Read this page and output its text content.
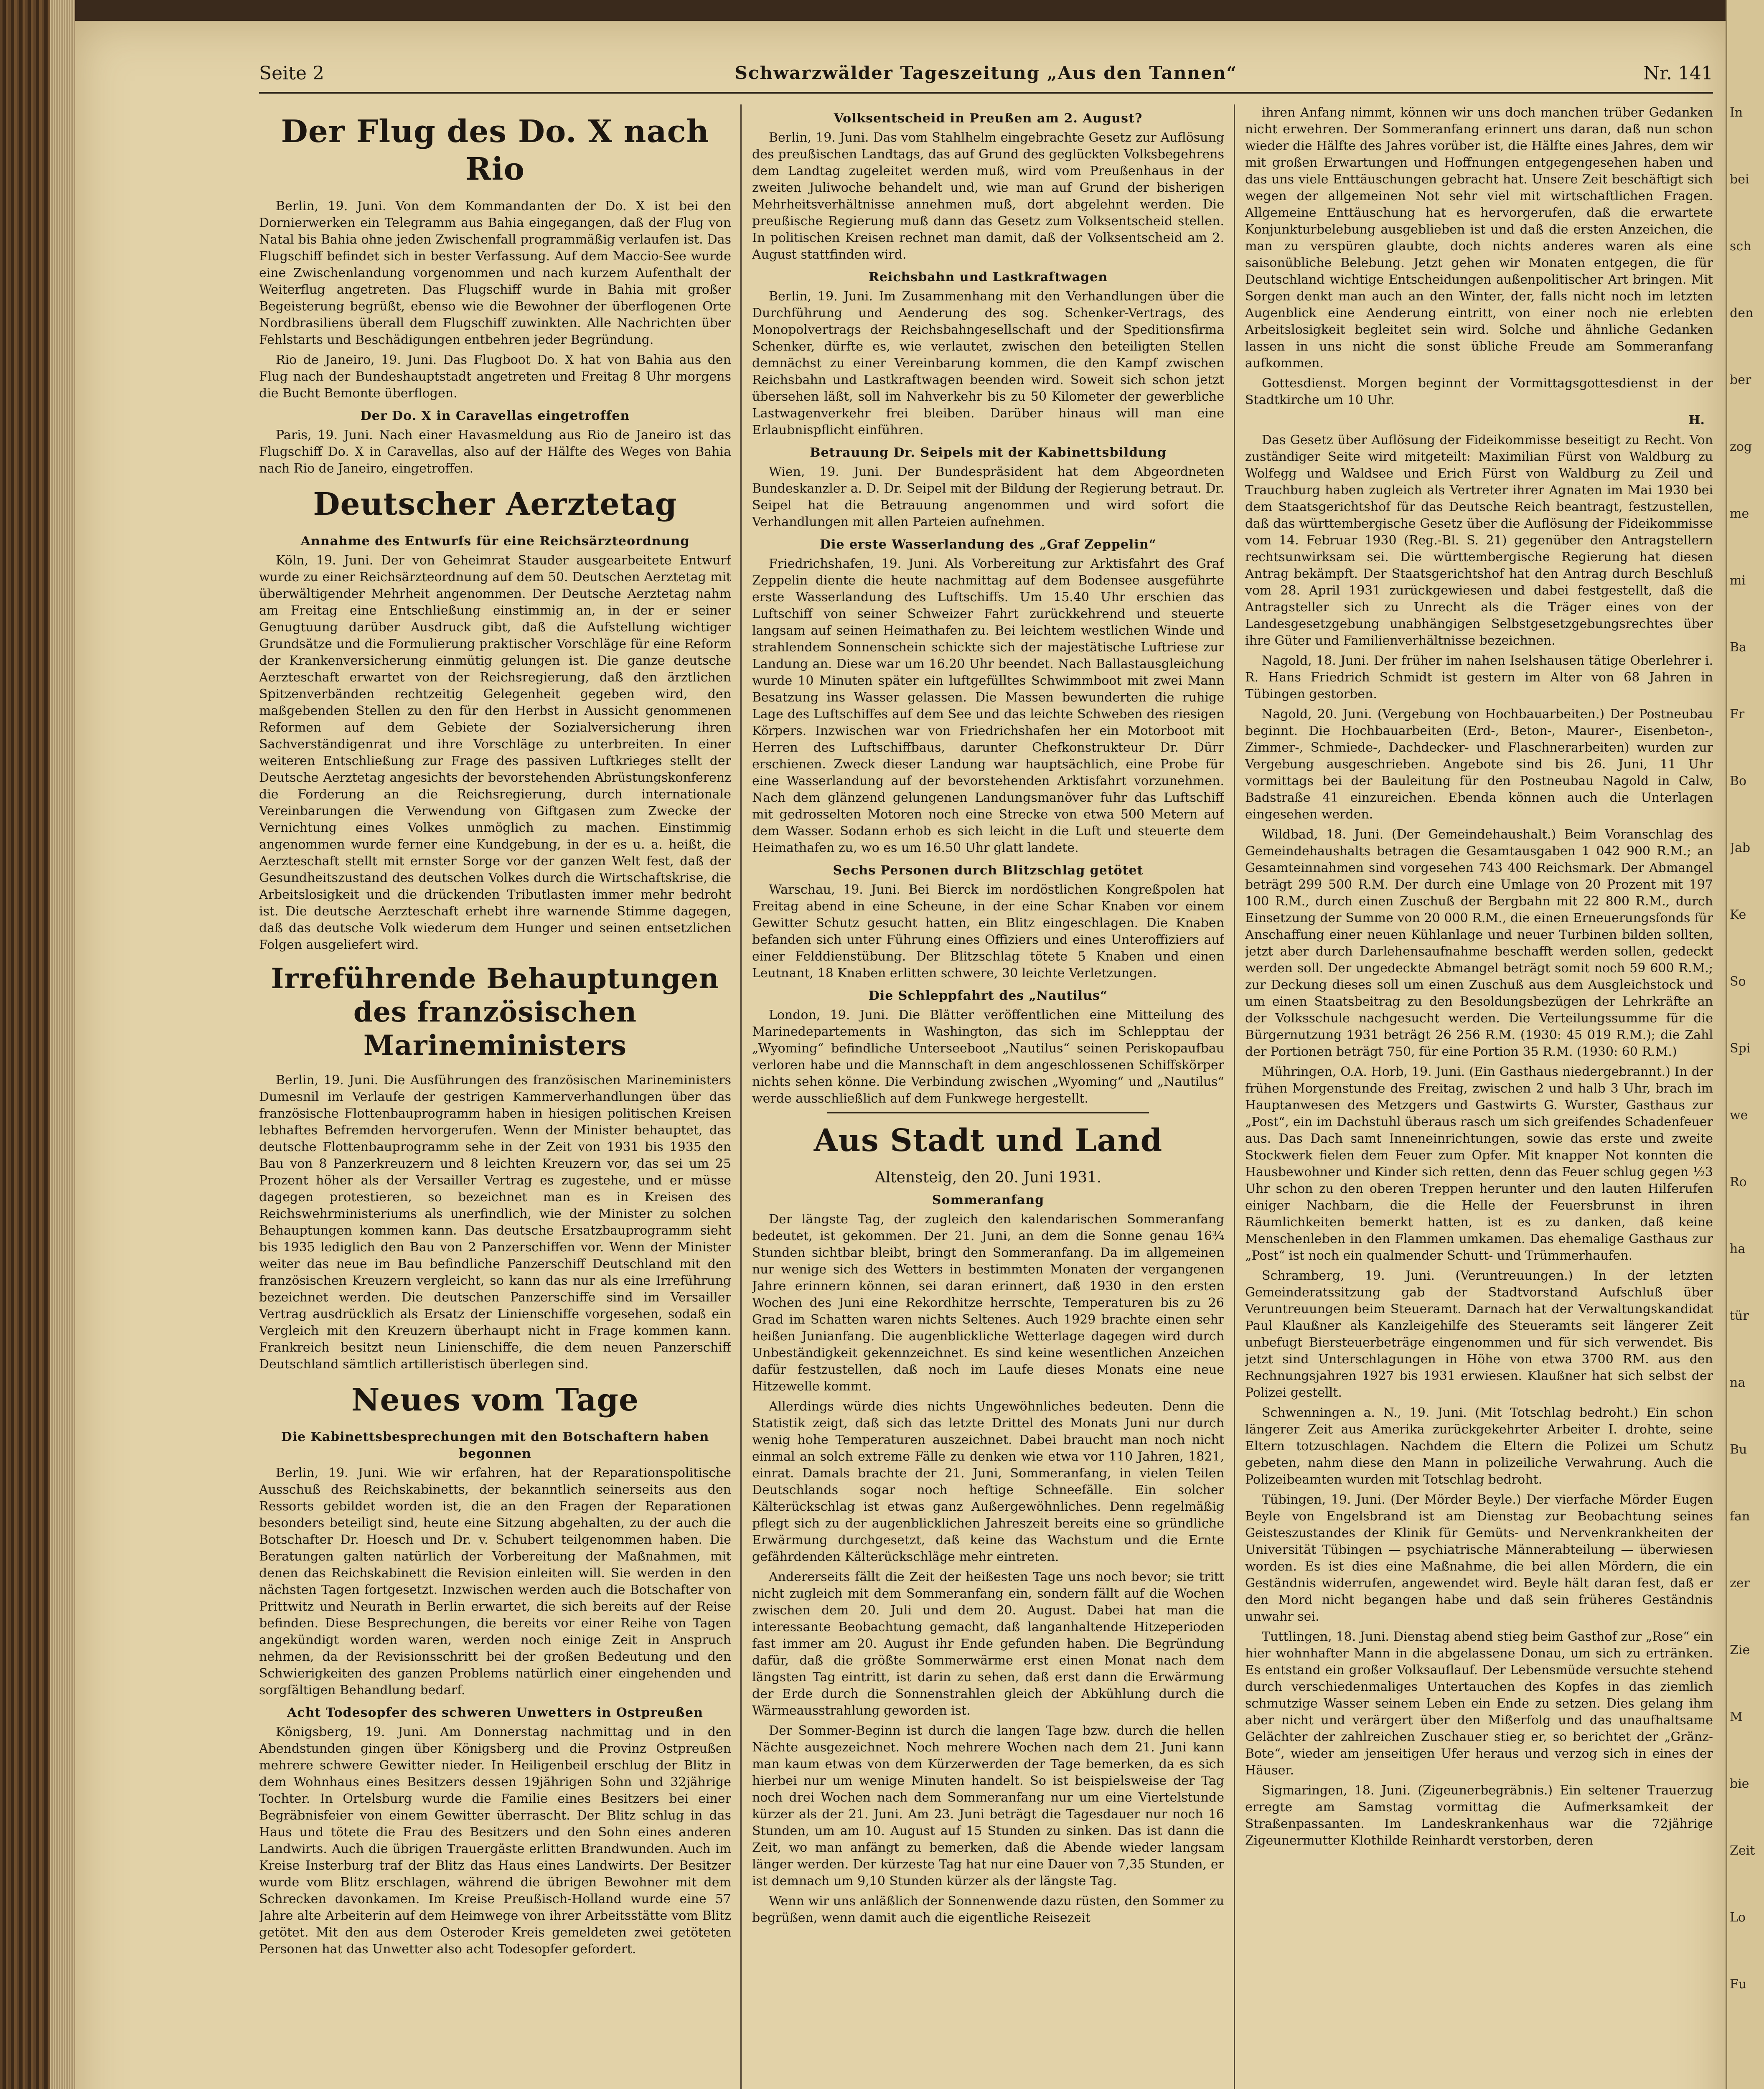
Seite 2	Schwarzwälder Tageszeitung „Aus den Tannen“	Nr. 141
Der Flug des Do. X nach Rio

Berlin, 19. Juni. Von dem Kommandanten der Do. X ist bei den Dornierwerken ein Telegramm aus Bahia eingegangen, daß der Flug von Natal bis Bahia ohne jeden Zwischenfall programmäßig verlaufen ist. Das Flugschiff befindet sich in bester Verfassung. Auf dem Maccio-See wurde eine Zwischenlandung vorgenommen und nach kurzem Aufenthalt der Weiterflug angetreten. Das Flugschiff wurde in Bahia mit großer Begeisterung begrüßt, ebenso wie die Bewohner der überflogenen Orte Nordbrasiliens überall dem Flugschiff zuwinkten. Alle Nachrichten über Fehlstarts und Beschädigungen entbehren jeder Begründung.

Rio de Janeiro, 19. Juni. Das Flugboot Do. X hat von Bahia aus den Flug nach der Bundeshauptstadt angetreten und Freitag 8 Uhr morgens die Bucht Bemonte überflogen.

Der Do. X in Caravellas eingetroffen

Paris, 19. Juni. Nach einer Havasmeldung aus Rio de Janeiro ist das Flugschiff Do. X in Caravellas, also auf der Hälfte des Weges von Bahia nach Rio de Janeiro, eingetroffen.

Deutscher Aerztetag
Annahme des Entwurfs für eine Reichsärzteordnung

Köln, 19. Juni. Der von Geheimrat Stauder ausgearbeitete Entwurf wurde zu einer Reichsärzteordnung auf dem 50. Deutschen Aerztetag mit überwältigender Mehrheit angenommen. Der Deutsche Aerztetag nahm am Freitag eine Entschließung einstimmig an, in der er seiner Genugtuung darüber Ausdruck gibt, daß die Aufstellung wichtiger Grundsätze und die Formulierung praktischer Vorschläge für eine Reform der Krankenversicherung einmütig gelungen ist. Die ganze deutsche Aerzteschaft erwartet von der Reichsregierung, daß den ärztlichen Spitzenverbänden rechtzeitig Gelegenheit gegeben wird, den maßgebenden Stellen zu den für den Herbst in Aussicht genommenen Reformen auf dem Gebiete der Sozialversicherung ihren Sachverständigenrat und ihre Vorschläge zu unterbreiten. In einer weiteren Entschließung zur Frage des passiven Luftkrieges stellt der Deutsche Aerztetag angesichts der bevorstehenden Abrüstungskonferenz die Forderung an die Reichsregierung, durch internationale Vereinbarungen die Verwendung von Giftgasen zum Zwecke der Vernichtung eines Volkes unmöglich zu machen. Einstimmig angenommen wurde ferner eine Kundgebung, in der es u. a. heißt, die Aerzteschaft stellt mit ernster Sorge vor der ganzen Welt fest, daß der Gesundheitszustand des deutschen Volkes durch die Wirtschaftskrise, die Arbeitslosigkeit und die drückenden Tributlasten immer mehr bedroht ist. Die deutsche Aerzteschaft erhebt ihre warnende Stimme dagegen, daß das deutsche Volk wiederum dem Hunger und seinen entsetzlichen Folgen ausgeliefert wird.

Irreführende Behauptungen des französischen Marineministers

Berlin, 19. Juni. Die Ausführungen des französischen Marineministers Dumesnil im Verlaufe der gestrigen Kammerverhandlungen über das französische Flottenbauprogramm haben in hiesigen politischen Kreisen lebhaftes Befremden hervorgerufen. Wenn der Minister behauptet, das deutsche Flottenbauprogramm sehe in der Zeit von 1931 bis 1935 den Bau von 8 Panzerkreuzern und 8 leichten Kreuzern vor, das sei um 25 Prozent höher als der Versailler Vertrag es zugestehe, und er müsse dagegen protestieren, so bezeichnet man es in Kreisen des Reichswehrministeriums als unerfindlich, wie der Minister zu solchen Behauptungen kommen kann. Das deutsche Ersatzbauprogramm sieht bis 1935 lediglich den Bau von 2 Panzerschiffen vor. Wenn der Minister weiter das neue im Bau befindliche Panzerschiff Deutschland mit den französischen Kreuzern vergleicht, so kann das nur als eine Irreführung bezeichnet werden. Die deutschen Panzerschiffe sind im Versailler Vertrag ausdrücklich als Ersatz der Linienschiffe vorgesehen, sodaß ein Vergleich mit den Kreuzern überhaupt nicht in Frage kommen kann. Frankreich besitzt neun Linienschiffe, die dem neuen Panzerschiff Deutschland sämtlich artilleristisch überlegen sind.

Neues vom Tage
Die Kabinettsbesprechungen mit den Botschaftern haben begonnen

Berlin, 19. Juni. Wie wir erfahren, hat der Reparationspolitische Ausschuß des Reichskabinetts, der bekanntlich seinerseits aus den Ressorts gebildet worden ist, die an den Fragen der Reparationen besonders beteiligt sind, heute eine Sitzung abgehalten, zu der auch die Botschafter Dr. Hoesch und Dr. v. Schubert teilgenommen haben. Die Beratungen galten natürlich der Vorbereitung der Maßnahmen, mit denen das Reichskabinett die Revision einleiten will. Sie werden in den nächsten Tagen fortgesetzt. Inzwischen werden auch die Botschafter von Prittwitz und Neurath in Berlin erwartet, die sich bereits auf der Reise befinden. Diese Besprechungen, die bereits vor einer Reihe von Tagen angekündigt worden waren, werden noch einige Zeit in Anspruch nehmen, da der Revisionsschritt bei der großen Bedeutung und den Schwierigkeiten des ganzen Problems natürlich einer eingehenden und sorgfältigen Behandlung bedarf.

Acht Todesopfer des schweren Unwetters in Ostpreußen

Königsberg, 19. Juni. Am Donnerstag nachmittag und in den Abendstunden gingen über Königsberg und die Provinz Ostpreußen mehrere schwere Gewitter nieder. In Heiligenbeil erschlug der Blitz in dem Wohnhaus eines Besitzers dessen 19jährigen Sohn und 32jährige Tochter. In Ortelsburg wurde die Familie eines Besitzers bei einer Begräbnisfeier von einem Gewitter überrascht. Der Blitz schlug in das Haus und tötete die Frau des Besitzers und den Sohn eines anderen Landwirts. Auch die übrigen Trauergäste erlitten Brandwunden. Auch im Kreise Insterburg traf der Blitz das Haus eines Landwirts. Der Besitzer wurde vom Blitz erschlagen, während die übrigen Bewohner mit dem Schrecken davonkamen. Im Kreise Preußisch-Holland wurde eine 57 Jahre alte Arbeiterin auf dem Heimwege von ihrer Arbeitsstätte vom Blitz getötet. Mit den aus dem Osteroder Kreis gemeldeten zwei getöteten Personen hat das Unwetter also acht Todesopfer gefordert.

Volksentscheid in Preußen am 2. August?

Berlin, 19. Juni. Das vom Stahlhelm eingebrachte Gesetz zur Auflösung des preußischen Landtags, das auf Grund des geglückten Volksbegehrens dem Landtag zugeleitet werden muß, wird vom Preußenhaus in der zweiten Juliwoche behandelt und, wie man auf Grund der bisherigen Mehrheitsverhältnisse annehmen muß, dort abgelehnt werden. Die preußische Regierung muß dann das Gesetz zum Volksentscheid stellen. In politischen Kreisen rechnet man damit, daß der Volksentscheid am 2. August stattfinden wird.

Reichsbahn und Lastkraftwagen

Berlin, 19. Juni. Im Zusammenhang mit den Verhandlungen über die Durchführung und Aenderung des sog. Schenker-Vertrags, des Monopolvertrags der Reichsbahngesellschaft und der Speditionsfirma Schenker, dürfte es, wie verlautet, zwischen den beteiligten Stellen demnächst zu einer Vereinbarung kommen, die den Kampf zwischen Reichsbahn und Lastkraftwagen beenden wird. Soweit sich schon jetzt übersehen läßt, soll im Nahverkehr bis zu 50 Kilometer der gewerbliche Lastwagenverkehr frei bleiben. Darüber hinaus will man eine Erlaubnispflicht einführen.

Betrauung Dr. Seipels mit der Kabinettsbildung

Wien, 19. Juni. Der Bundespräsident hat dem Abgeordneten Bundeskanzler a. D. Dr. Seipel mit der Bildung der Regierung betraut. Dr. Seipel hat die Betrauung angenommen und wird sofort die Verhandlungen mit allen Parteien aufnehmen.

Die erste Wasserlandung des „Graf Zeppelin“

Friedrichshafen, 19. Juni. Als Vorbereitung zur Arktisfahrt des Graf Zeppelin diente die heute nachmittag auf dem Bodensee ausgeführte erste Wasserlandung des Luftschiffs. Um 15.40 Uhr erschien das Luftschiff von seiner Schweizer Fahrt zurückkehrend und steuerte langsam auf seinen Heimathafen zu. Bei leichtem westlichen Winde und strahlendem Sonnenschein schickte sich der majestätische Luftriese zur Landung an. Diese war um 16.20 Uhr beendet. Nach Ballastausgleichung wurde 10 Minuten später ein luftgefülltes Schwimmboot mit zwei Mann Besatzung ins Wasser gelassen. Die Massen bewunderten die ruhige Lage des Luftschiffes auf dem See und das leichte Schweben des riesigen Körpers. Inzwischen war von Friedrichshafen her ein Motorboot mit Herren des Luftschiffbaus, darunter Chefkonstrukteur Dr. Dürr erschienen. Zweck dieser Landung war hauptsächlich, eine Probe für eine Wasserlandung auf der bevorstehenden Arktisfahrt vorzunehmen. Nach dem glänzend gelungenen Landungsmanöver fuhr das Luftschiff mit gedrosselten Motoren noch eine Strecke von etwa 500 Metern auf dem Wasser. Sodann erhob es sich leicht in die Luft und steuerte dem Heimathafen zu, wo es um 16.50 Uhr glatt landete.

Sechs Personen durch Blitzschlag getötet

Warschau, 19. Juni. Bei Bierck im nordöstlichen Kongreßpolen hat Freitag abend in eine Scheune, in der eine Schar Knaben vor einem Gewitter Schutz gesucht hatten, ein Blitz eingeschlagen. Die Knaben befanden sich unter Führung eines Offiziers und eines Unteroffiziers auf einer Felddienstübung. Der Blitzschlag tötete 5 Knaben und einen Leutnant, 18 Knaben erlitten schwere, 30 leichte Verletzungen.

Die Schleppfahrt des „Nautilus“

London, 19. Juni. Die Blätter veröffentlichen eine Mitteilung des Marinedepartements in Washington, das sich im Schlepptau der „Wyoming“ befindliche Unterseeboot „Nautilus“ seinen Periskopaufbau verloren habe und die Mannschaft in dem angeschlossenen Schiffskörper nichts sehen könne. Die Verbindung zwischen „Wyoming“ und „Nautilus“ werde ausschließlich auf dem Funkwege hergestellt.

Aus Stadt und Land
Altensteig, den 20. Juni 1931.
Sommeranfang

Der längste Tag, der zugleich den kalendarischen Sommeranfang bedeutet, ist gekommen. Der 21. Juni, an dem die Sonne genau 16¾ Stunden sichtbar bleibt, bringt den Sommeranfang. Da im allgemeinen nur wenige sich des Wetters in bestimmten Monaten der vergangenen Jahre erinnern können, sei daran erinnert, daß 1930 in den ersten Wochen des Juni eine Rekordhitze herrschte, Temperaturen bis zu 26 Grad im Schatten waren nichts Seltenes. Auch 1929 brachte einen sehr heißen Junianfang. Die augenblickliche Wetterlage dagegen wird durch Unbeständigkeit gekennzeichnet. Es sind keine wesentlichen Anzeichen dafür festzustellen, daß noch im Laufe dieses Monats eine neue Hitzewelle kommt.

Allerdings würde dies nichts Ungewöhnliches bedeuten. Denn die Statistik zeigt, daß sich das letzte Drittel des Monats Juni nur durch wenig hohe Temperaturen auszeichnet. Dabei braucht man noch nicht einmal an solch extreme Fälle zu denken wie etwa vor 110 Jahren, 1821, einrat. Damals brachte der 21. Juni, Sommeranfang, in vielen Teilen Deutschlands sogar noch heftige Schneefälle. Ein solcher Kälterückschlag ist etwas ganz Außergewöhnliches. Denn regelmäßig pflegt sich zu der augenblicklichen Jahreszeit bereits eine so gründliche Erwärmung durchgesetzt, daß keine das Wachstum und die Ernte gefährdenden Kälterückschläge mehr eintreten.

Andererseits fällt die Zeit der heißesten Tage uns noch bevor; sie tritt nicht zugleich mit dem Sommeranfang ein, sondern fällt auf die Wochen zwischen dem 20. Juli und dem 20. August. Dabei hat man die interessante Beobachtung gemacht, daß langanhaltende Hitzeperioden fast immer am 20. August ihr Ende gefunden haben. Die Begründung dafür, daß die größte Sommerwärme erst einen Monat nach dem längsten Tag eintritt, ist darin zu sehen, daß erst dann die Erwärmung der Erde durch die Sonnenstrahlen gleich der Abkühlung durch die Wärmeausstrahlung geworden ist.

Der Sommer-Beginn ist durch die langen Tage bzw. durch die hellen Nächte ausgezeichnet. Noch mehrere Wochen nach dem 21. Juni kann man kaum etwas von dem Kürzerwerden der Tage bemerken, da es sich hierbei nur um wenige Minuten handelt. So ist beispielsweise der Tag noch drei Wochen nach dem Sommeranfang nur um eine Viertelstunde kürzer als der 21. Juni. Am 23. Juni beträgt die Tagesdauer nur noch 16 Stunden, um am 10. August auf 15 Stunden zu sinken. Das ist dann die Zeit, wo man anfängt zu bemerken, daß die Abende wieder langsam länger werden. Der kürzeste Tag hat nur eine Dauer von 7,35 Stunden, er ist demnach um 9,10 Stunden kürzer als der längste Tag.

Wenn wir uns anläßlich der Sonnenwende dazu rüsten, den Sommer zu begrüßen, wenn damit auch die eigentliche Reisezeit

ihren Anfang nimmt, können wir uns doch manchen trüber Gedanken nicht erwehren. Der Sommeranfang erinnert uns daran, daß nun schon wieder die Hälfte des Jahres vorüber ist, die Hälfte eines Jahres, dem wir mit großen Erwartungen und Hoffnungen entgegengesehen haben und das uns viele Enttäuschungen gebracht hat. Unsere Zeit beschäftigt sich wegen der allgemeinen Not sehr viel mit wirtschaftlichen Fragen. Allgemeine Enttäuschung hat es hervorgerufen, daß die erwartete Konjunkturbelebung ausgeblieben ist und daß die ersten Anzeichen, die man zu verspüren glaubte, doch nichts anderes waren als eine saisonübliche Belebung. Jetzt gehen wir Monaten entgegen, die für Deutschland wichtige Entscheidungen außenpolitischer Art bringen. Mit Sorgen denkt man auch an den Winter, der, falls nicht noch im letzten Augenblick eine Aenderung eintritt, von einer noch nie erlebten Arbeitslosigkeit begleitet sein wird. Solche und ähnliche Gedanken lassen in uns nicht die sonst übliche Freude am Sommeranfang aufkommen.

Gottesdienst. Morgen beginnt der Vormittagsgottesdienst in der Stadtkirche um 10 Uhr.

H.

Das Gesetz über Auflösung der Fideikommisse beseitigt zu Recht. Von zuständiger Seite wird mitgeteilt: Maximilian Fürst von Waldburg zu Wolfegg und Waldsee und Erich Fürst von Waldburg zu Zeil und Trauchburg haben zugleich als Vertreter ihrer Agnaten im Mai 1930 bei dem Staatsgerichtshof für das Deutsche Reich beantragt, festzustellen, daß das württembergische Gesetz über die Auflösung der Fideikommisse vom 14. Februar 1930 (Reg.-Bl. S. 21) gegenüber den Antragstellern rechtsunwirksam sei. Die württembergische Regierung hat diesen Antrag bekämpft. Der Staatsgerichtshof hat den Antrag durch Beschluß vom 28. April 1931 zurückgewiesen und dabei festgestellt, daß die Antragsteller sich zu Unrecht als die Träger eines von der Landesgesetzgebung unabhängigen Selbstgesetzgebungsrechtes über ihre Güter und Familienverhältnisse bezeichnen.

Nagold, 18. Juni. Der früher im nahen Iselshausen tätige Oberlehrer i. R. Hans Friedrich Schmidt ist gestern im Alter von 68 Jahren in Tübingen gestorben.

Nagold, 20. Juni. (Vergebung von Hochbauarbeiten.) Der Postneubau beginnt. Die Hochbauarbeiten (Erd-, Beton-, Maurer-, Eisenbeton-, Zimmer-, Schmiede-, Dachdecker- und Flaschnerarbeiten) wurden zur Vergebung ausgeschrieben. Angebote sind bis 26. Juni, 11 Uhr vormittags bei der Bauleitung für den Postneubau Nagold in Calw, Badstraße 41 einzureichen. Ebenda können auch die Unterlagen eingesehen werden.

Wildbad, 18. Juni. (Der Gemeindehaushalt.) Beim Voranschlag des Gemeindehaushalts betragen die Gesamtausgaben 1 042 900 R.M.; an Gesamteinnahmen sind vorgesehen 743 400 Reichsmark. Der Abmangel beträgt 299 500 R.M. Der durch eine Umlage von 20 Prozent mit 197 100 R.M., durch einen Zuschuß der Bergbahn mit 22 800 R.M., durch Einsetzung der Summe von 20 000 R.M., die einen Erneuerungsfonds für Anschaffung einer neuen Kühlanlage und neuer Turbinen bilden sollten, jetzt aber durch Darlehensaufnahme beschafft werden sollen, gedeckt werden soll. Der ungedeckte Abmangel beträgt somit noch 59 600 R.M.; zur Deckung dieses soll um einen Zuschuß aus dem Ausgleichstock und um einen Staatsbeitrag zu den Besoldungsbezügen der Lehrkräfte an der Volksschule nachgesucht werden. Die Verteilungssumme für die Bürgernutzung 1931 beträgt 26 256 R.M. (1930: 45 019 R.M.); die Zahl der Portionen beträgt 750, für eine Portion 35 R.M. (1930: 60 R.M.)

Mühringen, O.A. Horb, 19. Juni. (Ein Gasthaus niedergebrannt.) In der frühen Morgenstunde des Freitag, zwischen 2 und halb 3 Uhr, brach im Hauptanwesen des Metzgers und Gastwirts G. Wurster, Gasthaus zur „Post“, ein im Dachstuhl überaus rasch um sich greifendes Schadenfeuer aus. Das Dach samt Inneneinrichtungen, sowie das erste und zweite Stockwerk fielen dem Feuer zum Opfer. Mit knapper Not konnten die Hausbewohner und Kinder sich retten, denn das Feuer schlug gegen ½3 Uhr schon zu den oberen Treppen herunter und den lauten Hilferufen einiger Nachbarn, die die Helle der Feuersbrunst in ihren Räumlichkeiten bemerkt hatten, ist es zu danken, daß keine Menschenleben in den Flammen umkamen. Das ehemalige Gasthaus zur „Post“ ist noch ein qualmender Schutt- und Trümmerhaufen.

Schramberg, 19. Juni. (Veruntreuungen.) In der letzten Gemeinderatssitzung gab der Stadtvorstand Aufschluß über Veruntreuungen beim Steueramt. Darnach hat der Verwaltungskandidat Paul Klaußner als Kanzleigehilfe des Steueramts seit längerer Zeit unbefugt Biersteuerbeträge eingenommen und für sich verwendet. Bis jetzt sind Unterschlagungen in Höhe von etwa 3700 RM. aus den Rechnungsjahren 1927 bis 1931 erwiesen. Klaußner hat sich selbst der Polizei gestellt.

Schwenningen a. N., 19. Juni. (Mit Totschlag bedroht.) Ein schon längerer Zeit aus Amerika zurückgekehrter Arbeiter I. drohte, seine Eltern totzuschlagen. Nachdem die Eltern die Polizei um Schutz gebeten, nahm diese den Mann in polizeiliche Verwahrung. Auch die Polizeibeamten wurden mit Totschlag bedroht.

Tübingen, 19. Juni. (Der Mörder Beyle.) Der vierfache Mörder Eugen Beyle von Engelsbrand ist am Dienstag zur Beobachtung seines Geisteszustandes der Klinik für Gemüts- und Nervenkrankheiten der Universität Tübingen — psychiatrische Männerabteilung — überwiesen worden. Es ist dies eine Maßnahme, die bei allen Mördern, die ein Geständnis widerrufen, angewendet wird. Beyle hält daran fest, daß er den Mord nicht begangen habe und daß sein früheres Geständnis unwahr sei.

Tuttlingen, 18. Juni. Dienstag abend stieg beim Gasthof zur „Rose“ ein hier wohnhafter Mann in die abgelassene Donau, um sich zu ertränken. Es entstand ein großer Volksauflauf. Der Lebensmüde versuchte stehend durch verschiedenmaliges Untertauchen des Kopfes in das ziemlich schmutzige Wasser seinem Leben ein Ende zu setzen. Dies gelang ihm aber nicht und verärgert über den Mißerfolg und das unaufhaltsame Gelächter der zahlreichen Zuschauer stieg er, so berichtet der „Gränz-Bote“, wieder am jenseitigen Ufer heraus und verzog sich in eines der Häuser.

Sigmaringen, 18. Juni. (Zigeunerbegräbnis.) Ein seltener Trauerzug erregte am Samstag vormittag die Aufmerksamkeit der Straßenpassanten. Im Landeskrankenhaus war die 72jährige Zigeunermutter Klothilde Reinhardt verstorben, deren

In
bei
sch
den
ber
zog
me
mi
Ba
Fr
Bo
Jab
Ke
So
Spi
we
Ro
ha
tür
na
Bu
fan
zer
Zie
M
bie
Zeit
Lo
Fu
